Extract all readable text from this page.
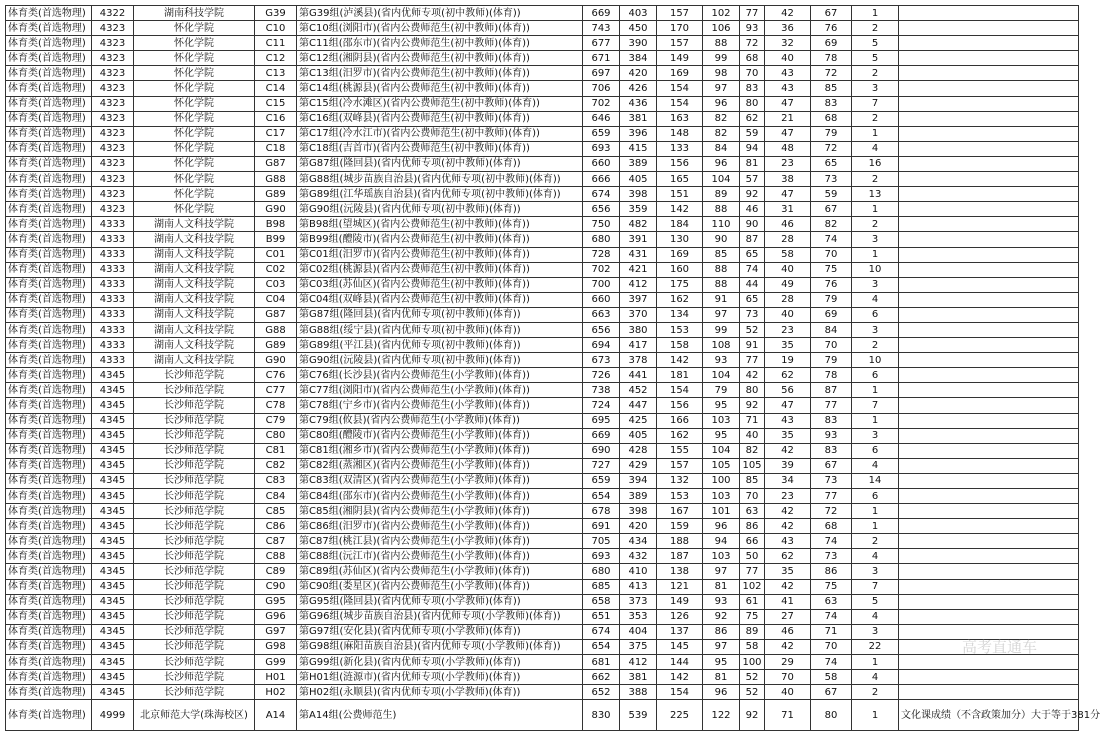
体育类(首选物理)	4322	湖南科技学院	G39	第G39组(泸溪县)(省内优师专项(初中教师)(体育))	669	403	157	102	77	42	67	1	
体育类(首选物理)	4323	怀化学院	C10	第C10组(浏阳市)(省内公费师范生(初中教师)(体育))	743	450	170	106	93	36	76	2	
体育类(首选物理)	4323	怀化学院	C11	第C11组(邵东市)(省内公费师范生(初中教师)(体育))	677	390	157	88	72	32	69	5	
体育类(首选物理)	4323	怀化学院	C12	第C12组(湘阴县)(省内公费师范生(初中教师)(体育))	671	384	149	99	68	40	78	5	
体育类(首选物理)	4323	怀化学院	C13	第C13组(汨罗市)(省内公费师范生(初中教师)(体育))	697	420	169	98	70	43	72	2	
体育类(首选物理)	4323	怀化学院	C14	第C14组(桃源县)(省内公费师范生(初中教师)(体育))	706	426	154	97	83	43	85	3	
体育类(首选物理)	4323	怀化学院	C15	第C15组(冷水滩区)(省内公费师范生(初中教师)(体育))	702	436	154	96	80	47	83	7	
体育类(首选物理)	4323	怀化学院	C16	第C16组(双峰县)(省内公费师范生(初中教师)(体育))	646	381	163	82	62	21	68	2	
体育类(首选物理)	4323	怀化学院	C17	第C17组(冷水江市)(省内公费师范生(初中教师)(体育))	659	396	148	82	59	47	79	1	
体育类(首选物理)	4323	怀化学院	C18	第C18组(吉首市)(省内公费师范生(初中教师)(体育))	693	415	133	84	94	48	72	4	
体育类(首选物理)	4323	怀化学院	G87	第G87组(隆回县)(省内优师专项(初中教师)(体育))	660	389	156	96	81	23	65	16	
体育类(首选物理)	4323	怀化学院	G88	第G88组(城步苗族自治县)(省内优师专项(初中教师)(体育))	666	405	165	104	57	38	73	2	
体育类(首选物理)	4323	怀化学院	G89	第G89组(江华瑶族自治县)(省内优师专项(初中教师)(体育))	674	398	151	89	92	47	59	13	
体育类(首选物理)	4323	怀化学院	G90	第G90组(沅陵县)(省内优师专项(初中教师)(体育))	656	359	142	88	46	31	67	1	
体育类(首选物理)	4333	湖南人文科技学院	B98	第B98组(望城区)(省内公费师范生(初中教师)(体育))	750	482	184	110	90	46	82	2	
体育类(首选物理)	4333	湖南人文科技学院	B99	第B99组(醴陵市)(省内公费师范生(初中教师)(体育))	680	391	130	90	87	28	74	3	
体育类(首选物理)	4333	湖南人文科技学院	C01	第C01组(汨罗市)(省内公费师范生(初中教师)(体育))	728	431	169	85	65	58	70	1	
体育类(首选物理)	4333	湖南人文科技学院	C02	第C02组(桃源县)(省内公费师范生(初中教师)(体育))	702	421	160	88	74	40	75	10	
体育类(首选物理)	4333	湖南人文科技学院	C03	第C03组(苏仙区)(省内公费师范生(初中教师)(体育))	700	412	175	88	44	49	76	3	
体育类(首选物理)	4333	湖南人文科技学院	C04	第C04组(双峰县)(省内公费师范生(初中教师)(体育))	660	397	162	91	65	28	79	4	
体育类(首选物理)	4333	湖南人文科技学院	G87	第G87组(隆回县)(省内优师专项(初中教师)(体育))	663	370	134	97	73	40	69	6	
体育类(首选物理)	4333	湖南人文科技学院	G88	第G88组(绥宁县)(省内优师专项(初中教师)(体育))	656	380	153	99	52	23	84	3	
体育类(首选物理)	4333	湖南人文科技学院	G89	第G89组(平江县)(省内优师专项(初中教师)(体育))	694	417	158	108	91	35	70	2	
体育类(首选物理)	4333	湖南人文科技学院	G90	第G90组(沅陵县)(省内优师专项(初中教师)(体育))	673	378	142	93	77	19	79	10	
体育类(首选物理)	4345	长沙师范学院	C76	第C76组(长沙县)(省内公费师范生(小学教师)(体育))	726	441	181	104	42	62	78	6	
体育类(首选物理)	4345	长沙师范学院	C77	第C77组(浏阳市)(省内公费师范生(小学教师)(体育))	738	452	154	79	80	56	87	1	
体育类(首选物理)	4345	长沙师范学院	C78	第C78组(宁乡市)(省内公费师范生(小学教师)(体育))	724	447	156	95	92	47	77	7	
体育类(首选物理)	4345	长沙师范学院	C79	第C79组(攸县)(省内公费师范生(小学教师)(体育))	695	425	166	103	71	43	83	1	
体育类(首选物理)	4345	长沙师范学院	C80	第C80组(醴陵市)(省内公费师范生(小学教师)(体育))	669	405	162	95	40	35	93	3	
体育类(首选物理)	4345	长沙师范学院	C81	第C81组(湘乡市)(省内公费师范生(小学教师)(体育))	690	428	155	104	82	42	83	6	
体育类(首选物理)	4345	长沙师范学院	C82	第C82组(蒸湘区)(省内公费师范生(小学教师)(体育))	727	429	157	105	105	39	67	4	
体育类(首选物理)	4345	长沙师范学院	C83	第C83组(双清区)(省内公费师范生(小学教师)(体育))	659	394	132	100	85	34	73	14	
体育类(首选物理)	4345	长沙师范学院	C84	第C84组(邵东市)(省内公费师范生(小学教师)(体育))	654	389	153	103	70	23	77	6	
体育类(首选物理)	4345	长沙师范学院	C85	第C85组(湘阴县)(省内公费师范生(小学教师)(体育))	678	398	167	101	63	42	72	1	
体育类(首选物理)	4345	长沙师范学院	C86	第C86组(汨罗市)(省内公费师范生(小学教师)(体育))	691	420	159	96	86	42	68	1	
体育类(首选物理)	4345	长沙师范学院	C87	第C87组(桃江县)(省内公费师范生(小学教师)(体育))	705	434	188	94	66	43	74	2	
体育类(首选物理)	4345	长沙师范学院	C88	第C88组(沅江市)(省内公费师范生(小学教师)(体育))	693	432	187	103	50	62	73	4	
体育类(首选物理)	4345	长沙师范学院	C89	第C89组(苏仙区)(省内公费师范生(小学教师)(体育))	680	410	138	97	77	35	86	3	
体育类(首选物理)	4345	长沙师范学院	C90	第C90组(娄星区)(省内公费师范生(小学教师)(体育))	685	413	121	81	102	42	75	7	
体育类(首选物理)	4345	长沙师范学院	G95	第G95组(隆回县)(省内优师专项(小学教师)(体育))	658	373	149	93	61	41	63	5	
体育类(首选物理)	4345	长沙师范学院	G96	第G96组(城步苗族自治县)(省内优师专项(小学教师)(体育))	651	353	126	92	75	27	74	4	
体育类(首选物理)	4345	长沙师范学院	G97	第G97组(安化县)(省内优师专项(小学教师)(体育))	674	404	137	86	89	46	71	3	
体育类(首选物理)	4345	长沙师范学院	G98	第G98组(麻阳苗族自治县)(省内优师专项(小学教师)(体育))	654	375	145	97	58	42	70	22	
体育类(首选物理)	4345	长沙师范学院	G99	第G99组(新化县)(省内优师专项(小学教师)(体育))	681	412	144	95	100	29	74	1	
体育类(首选物理)	4345	长沙师范学院	H01	第H01组(涟源市)(省内优师专项(小学教师)(体育))	662	381	142	81	52	70	58	4	
体育类(首选物理)	4345	长沙师范学院	H02	第H02组(永顺县)(省内优师专项(小学教师)(体育))	652	388	154	96	52	40	67	2	
体育类(首选物理)	4999	北京师范大学(珠海校区)	A14	第A14组(公费师范生)	830	539	225	122	92	71	80	1	文化课成绩（不含政策加分）大于等于381分
高考直通车
